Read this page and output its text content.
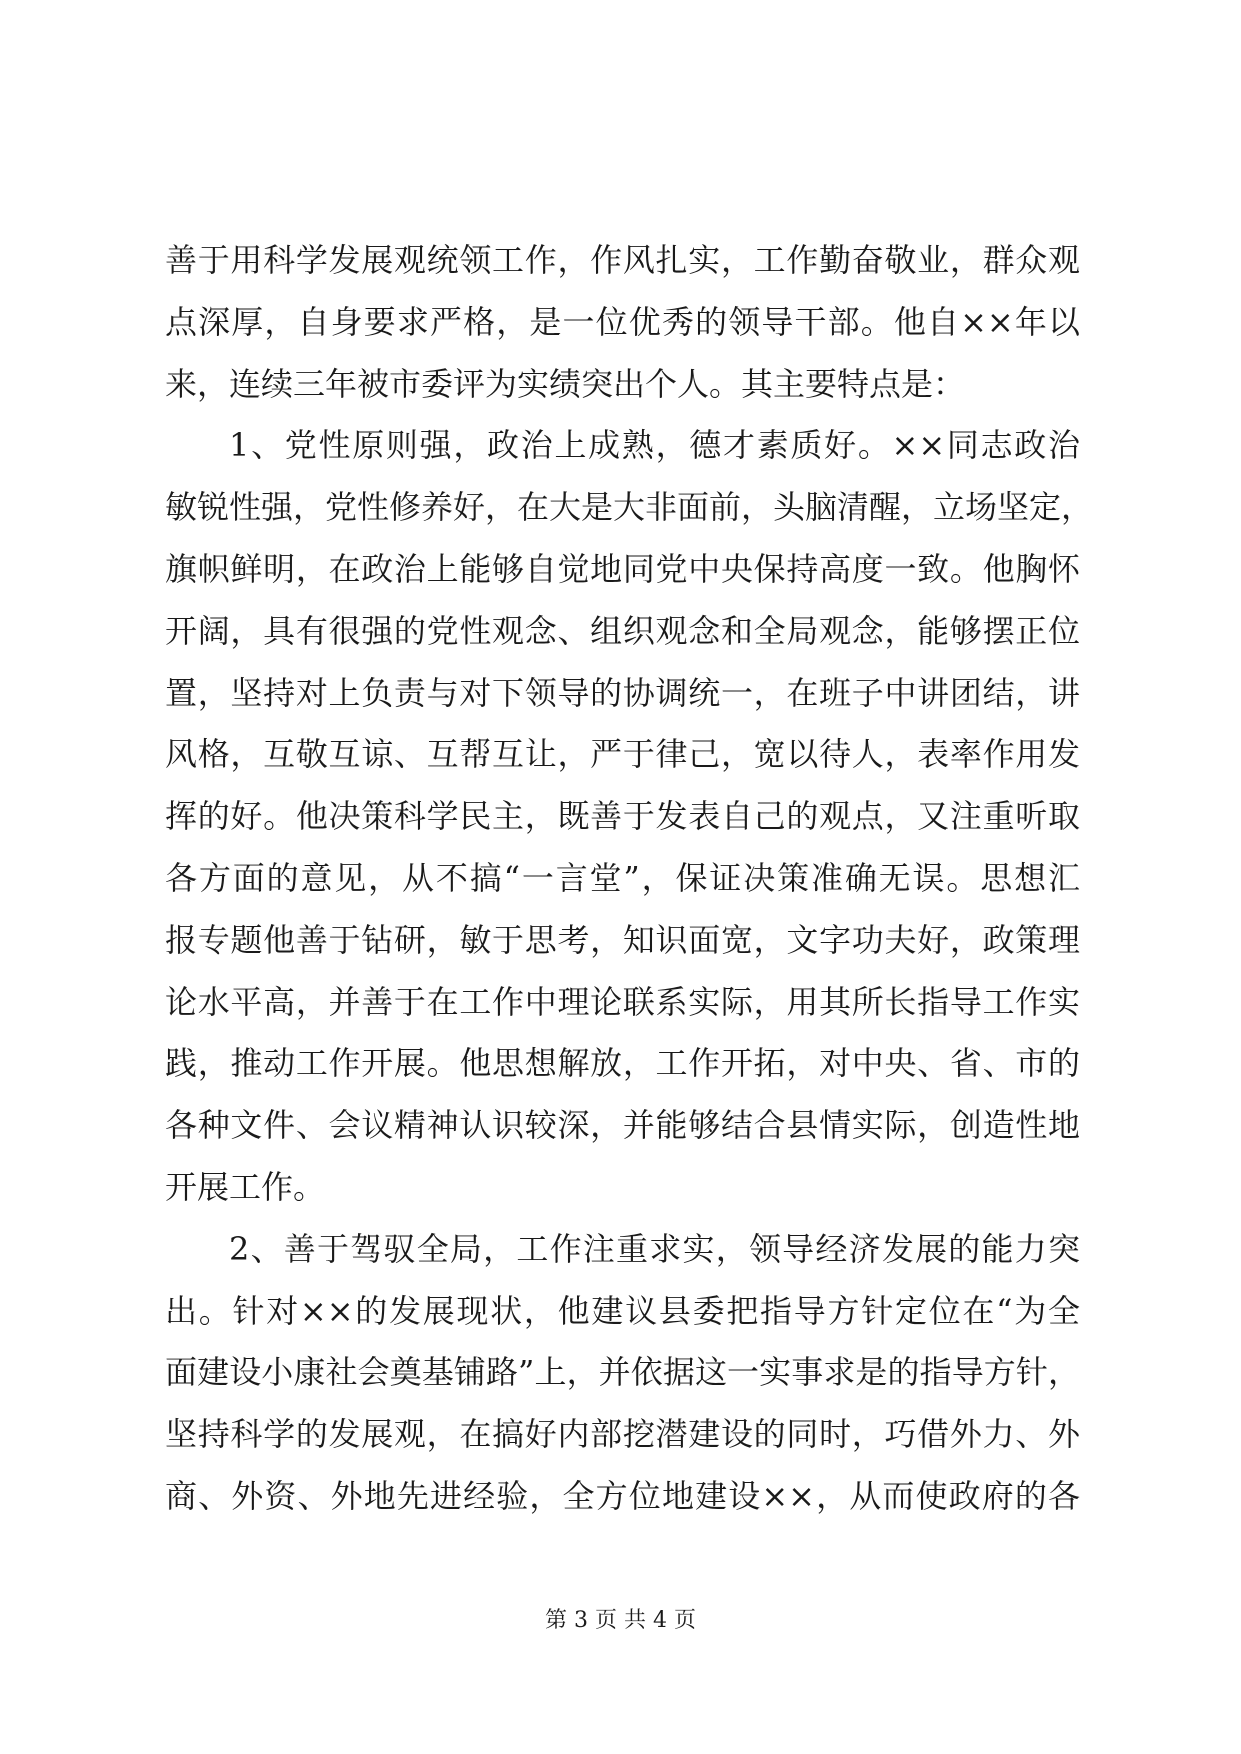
善于用科学发展观统领工作，作风扎实，工作勤奋敬业，群众观
点深厚，自身要求严格，是一位优秀的领导干部。他自××年以
来，连续三年被市委评为实绩突出个人。其主要特点是：
1、党性原则强，政治上成熟，德才素质好。××同志政治
敏锐性强，党性修养好，在大是大非面前，头脑清醒，立场坚定，
旗帜鲜明，在政治上能够自觉地同党中央保持高度一致。他胸怀
开阔，具有很强的党性观念、组织观念和全局观念，能够摆正位
置，坚持对上负责与对下领导的协调统一，在班子中讲团结，讲
风格，互敬互谅、互帮互让，严于律己，宽以待人，表率作用发
挥的好。他决策科学民主，既善于发表自己的观点，又注重听取
各方面的意见，从不搞“一言堂”，保证决策准确无误。思想汇
报专题他善于钻研，敏于思考，知识面宽，文字功夫好，政策理
论水平高，并善于在工作中理论联系实际，用其所长指导工作实
践，推动工作开展。他思想解放，工作开拓，对中央、省、市的
各种文件、会议精神认识较深，并能够结合县情实际，创造性地
开展工作。
2、善于驾驭全局，工作注重求实，领导经济发展的能力突
出。针对××的发展现状，他建议县委把指导方针定位在“为全
面建设小康社会奠基铺路”上，并依据这一实事求是的指导方针，
坚持科学的发展观，在搞好内部挖潜建设的同时，巧借外力、外
商、外资、外地先进经验，全方位地建设××，从而使政府的各
第 3 页 共 4 页
